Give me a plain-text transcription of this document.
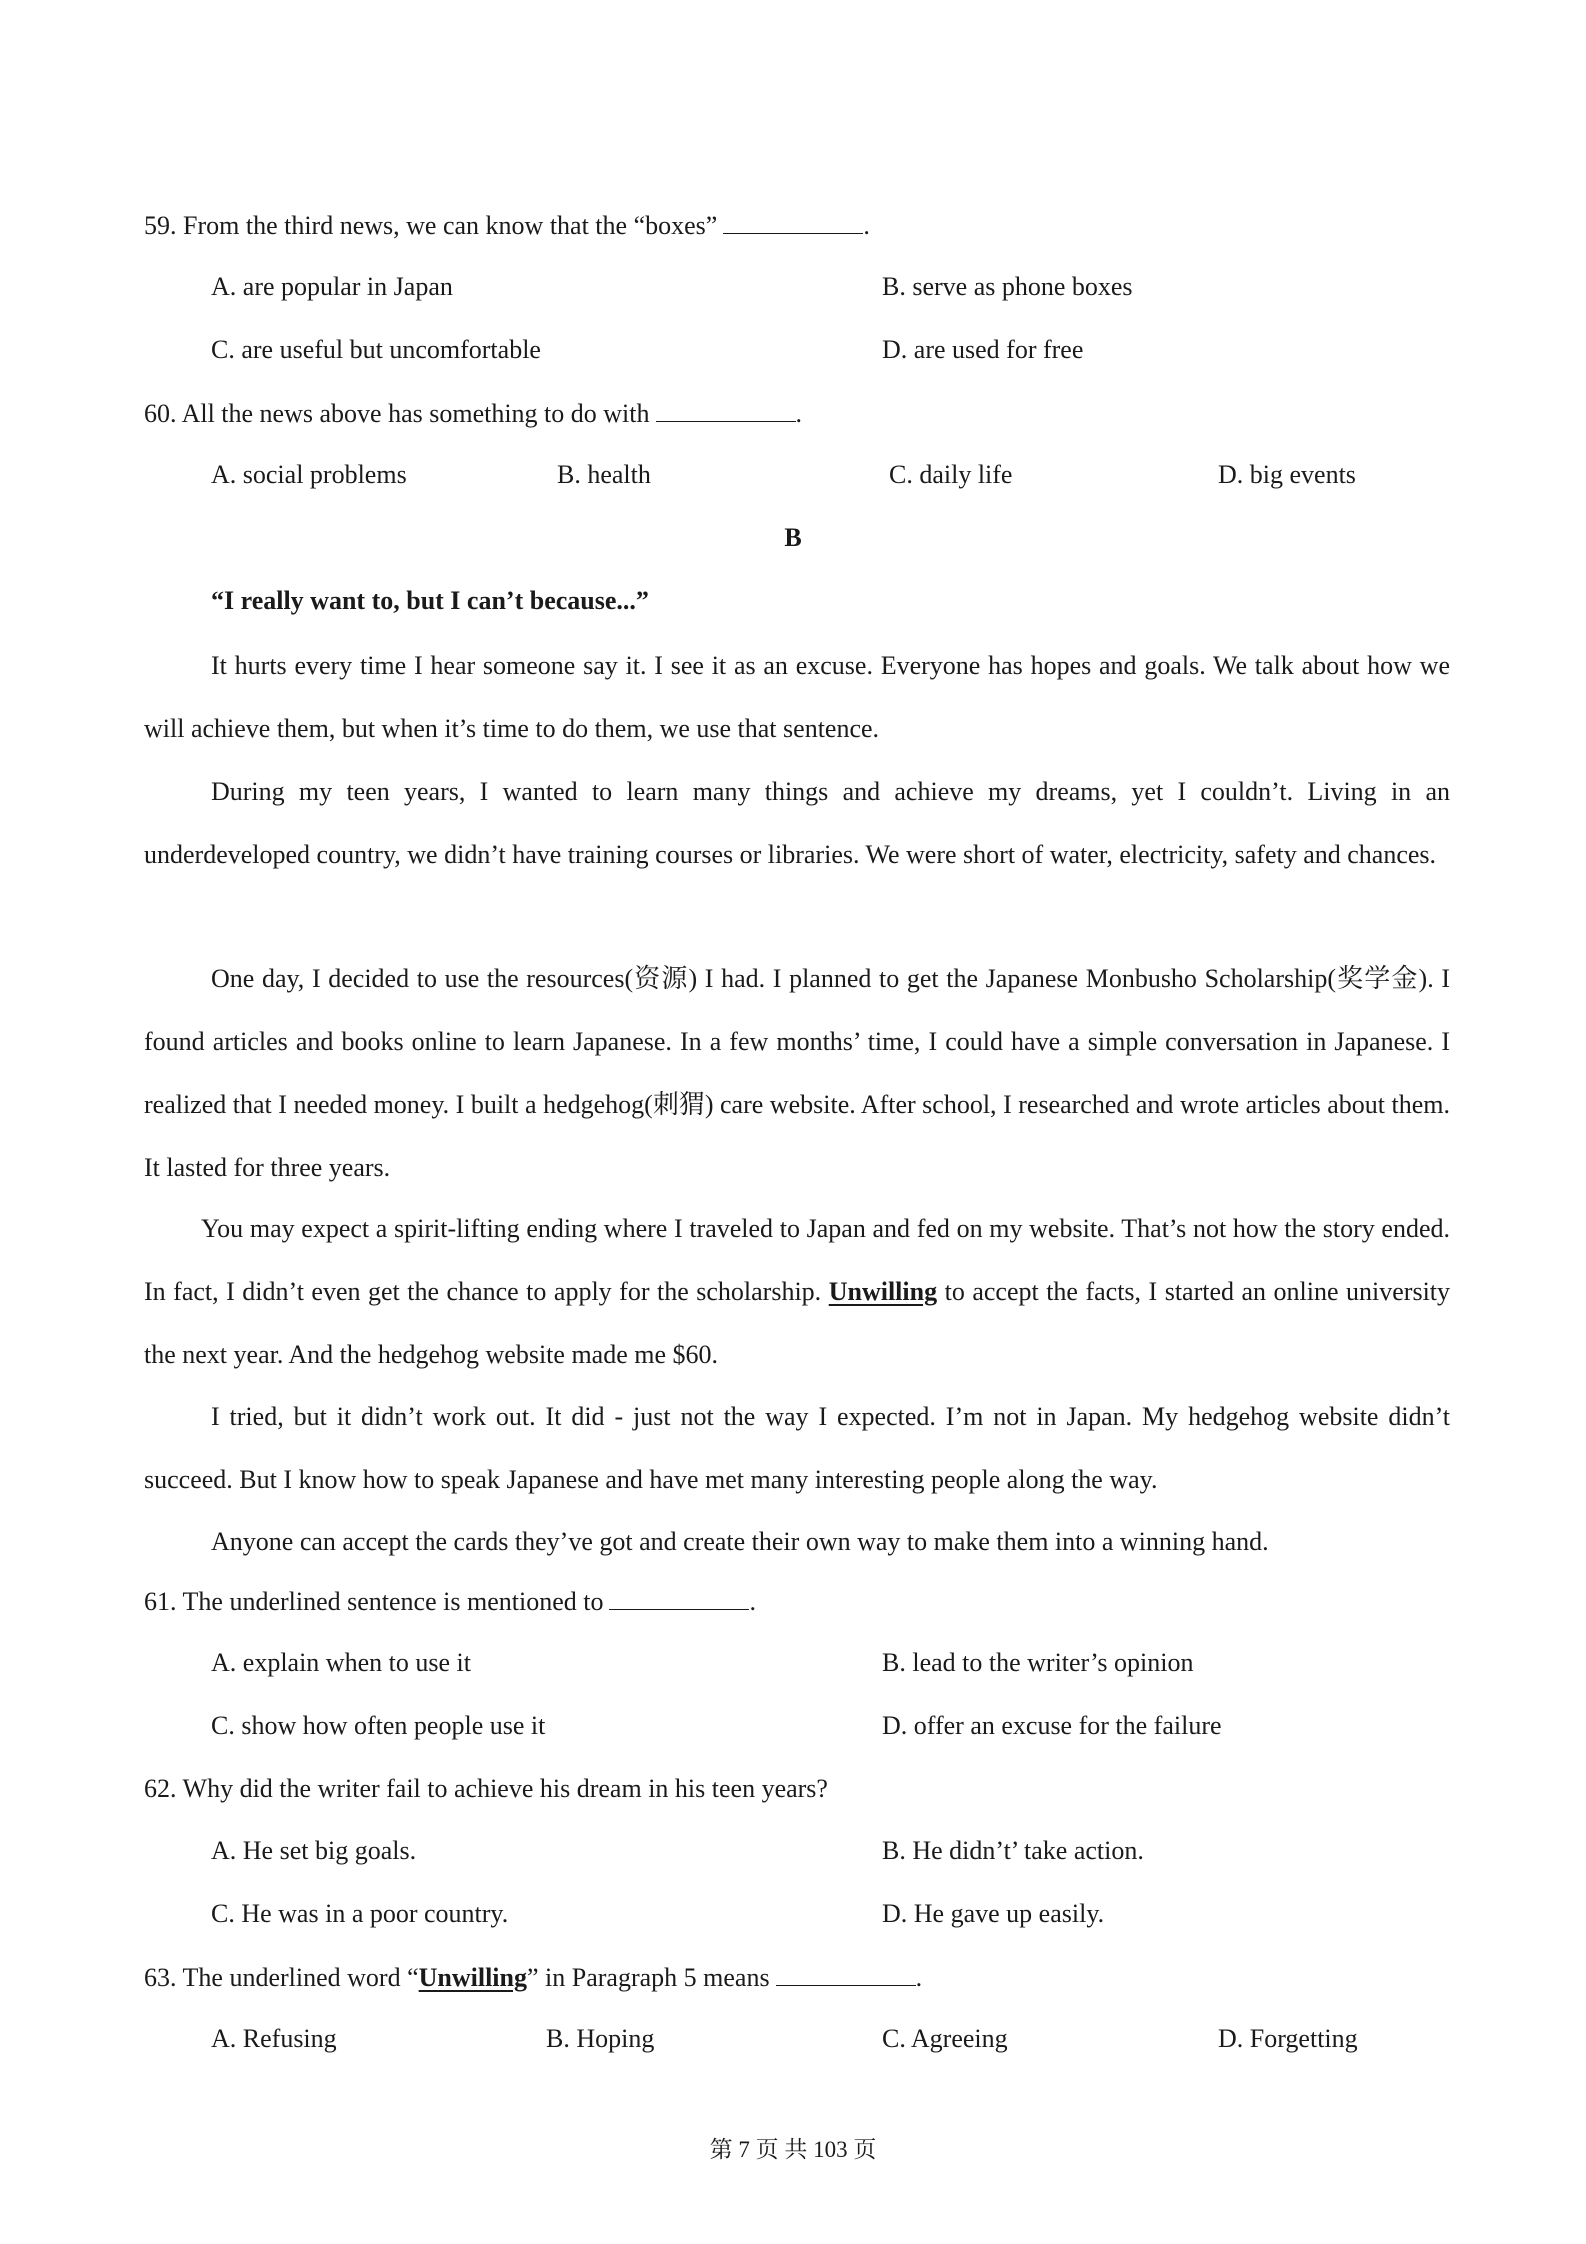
59. From the third news, we can know that the “boxes”	.
A. are popular in Japan	B. serve as phone boxes
C. are useful but uncomfortable	D. are used for free
60. All the news above has something to do with	.
A. social problems	B. health	C. daily life	D. big events
B
“I really want to, but I can’t because...”
It hurts every time I hear someone say it. I see it as an excuse. Everyone has hopes and goals. We talk about how we will achieve them, but when it’s time to do them, we use that sentence.
During my teen years, I wanted to learn many things and achieve my dreams, yet I couldn’t. Living in an underdeveloped country, we didn’t have training courses or libraries. We were short of water, electricity, safety and chances.
One day, I decided to use the resources(资源) I had. I planned to get the Japanese Monbusho Scholarship(奖学金). I found articles and books online to learn Japanese. In a few months’ time, I could have a simple conversation in Japanese. I realized that I needed money. I built a hedgehog(刺猬) care website. After school, I researched and wrote articles about them. It lasted for three years.
You may expect a spirit-lifting ending where I traveled to Japan and fed on my website. That’s not how the story ended. In fact, I didn’t even get the chance to apply for the scholarship. Unwilling to accept the facts, I started an online university the next year. And the hedgehog website made me $60.
I tried, but it didn’t work out. It did - just not the way I expected. I’m not in Japan. My hedgehog website didn’t succeed. But I know how to speak Japanese and have met many interesting people along the way.
Anyone can accept the cards they’ve got and create their own way to make them into a winning hand.
61. The underlined sentence is mentioned to	.
A. explain when to use it	B. lead to the writer’s opinion
C. show how often people use it	D. offer an excuse for the failure
62. Why did the writer fail to achieve his dream in his teen years?
A. He set big goals.	B. He didn’t’ take action.
C. He was in a poor country.	D. He gave up easily.
63. The underlined word “Unwilling” in Paragraph 5 means	.
A. Refusing	B. Hoping	C. Agreeing	D. Forgetting
第 7 页 共 103 页
